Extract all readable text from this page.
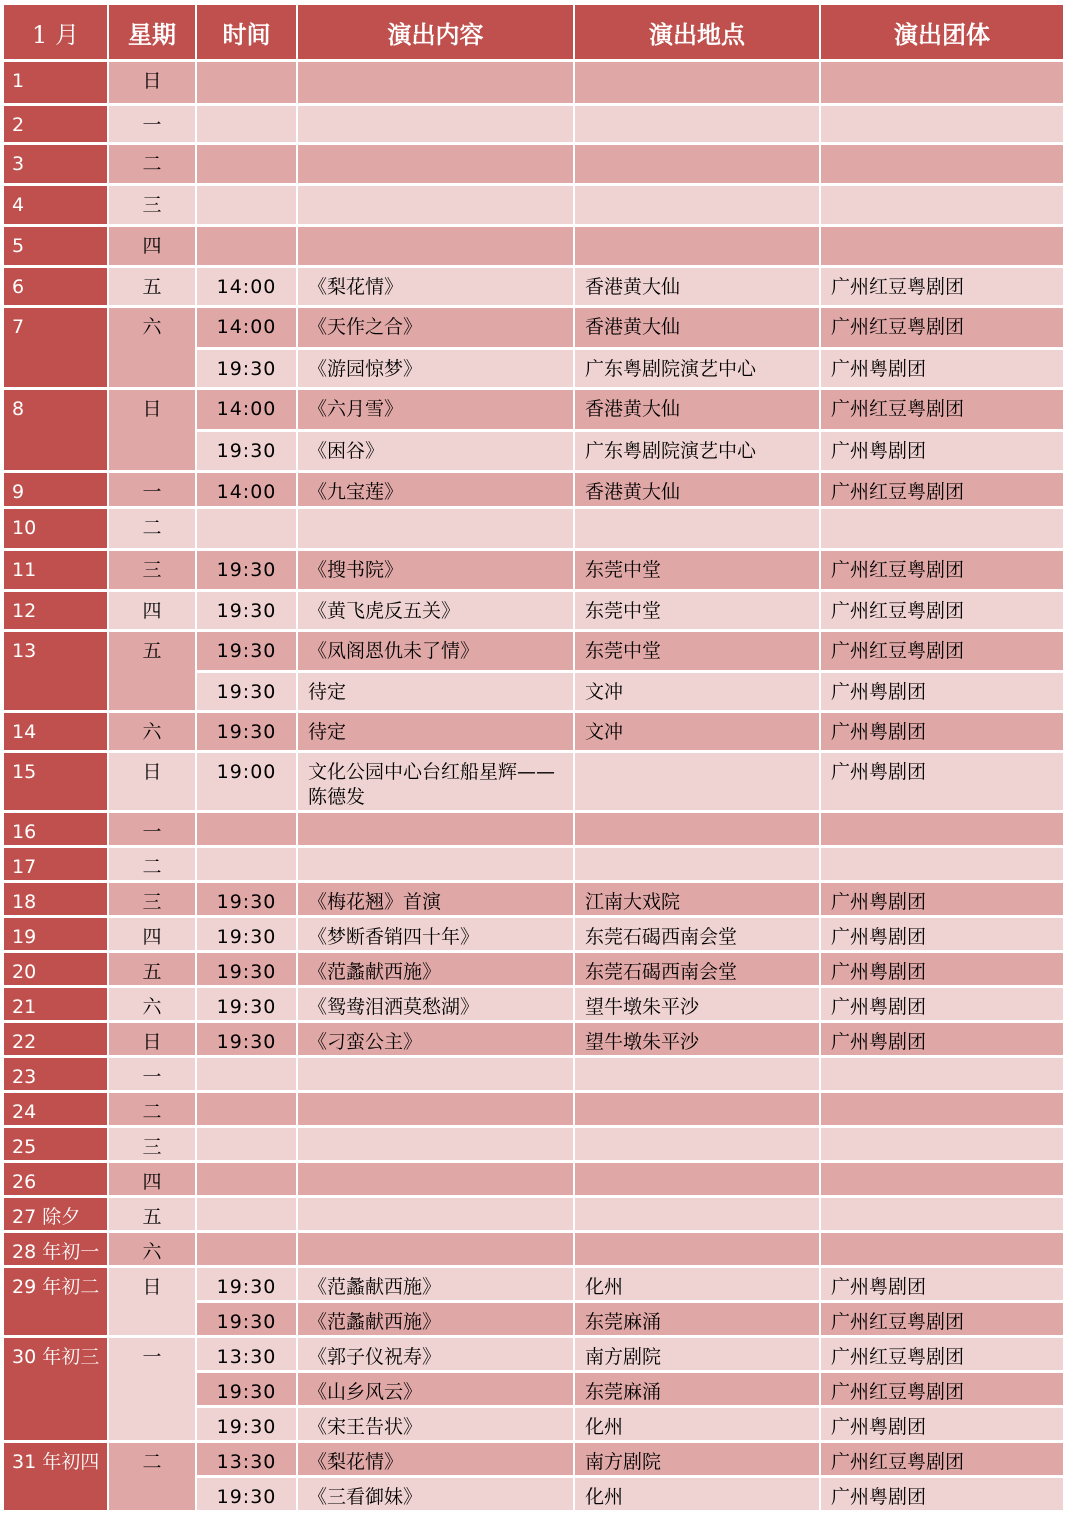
1 月	星期	时间	演出内容	演出地点	演出团体
1	日				
2	一				
3	二				
4	三				
5	四				
6	五	14:00	《梨花情》	香港黄大仙	广州红豆粤剧团
7	六	14:00	《天作之合》	香港黄大仙	广州红豆粤剧团
		19:30	《游园惊梦》	广东粤剧院演艺中心	广州粤剧团
8	日	14:00	《六月雪》	香港黄大仙	广州红豆粤剧团
		19:30	《困谷》	广东粤剧院演艺中心	广州粤剧团
9	一	14:00	《九宝莲》	香港黄大仙	广州红豆粤剧团
10	二				
11	三	19:30	《搜书院》	东莞中堂	广州红豆粤剧团
12	四	19:30	《黄飞虎反五关》	东莞中堂	广州红豆粤剧团
13	五	19:30	《凤阁恩仇未了情》	东莞中堂	广州红豆粤剧团
		19:30	待定	文冲	广州粤剧团
14	六	19:30	待定	文冲	广州粤剧团
15	日	19:00	文化公园中心台红船星辉——陈德发		广州粤剧团
16	一				
17	二				
18	三	19:30	《梅花翘》首演	江南大戏院	广州粤剧团
19	四	19:30	《梦断香销四十年》	东莞石碣西南会堂	广州粤剧团
20	五	19:30	《范蠡献西施》	东莞石碣西南会堂	广州粤剧团
21	六	19:30	《鸳鸯泪洒莫愁湖》	望牛墩朱平沙	广州粤剧团
22	日	19:30	《刁蛮公主》	望牛墩朱平沙	广州粤剧团
23	一				
24	二				
25	三				
26	四				
27 除夕	五				
28 年初一	六				
29 年初二	日	19:30	《范蠡献西施》	化州	广州粤剧团
		19:30	《范蠡献西施》	东莞麻涌	广州红豆粤剧团
30 年初三	一	13:30	《郭子仪祝寿》	南方剧院	广州红豆粤剧团
		19:30	《山乡风云》	东莞麻涌	广州红豆粤剧团
		19:30	《宋王告状》	化州	广州粤剧团
31 年初四	二	13:30	《梨花情》	南方剧院	广州红豆粤剧团
		19:30	《三看御妹》	化州	广州粤剧团
